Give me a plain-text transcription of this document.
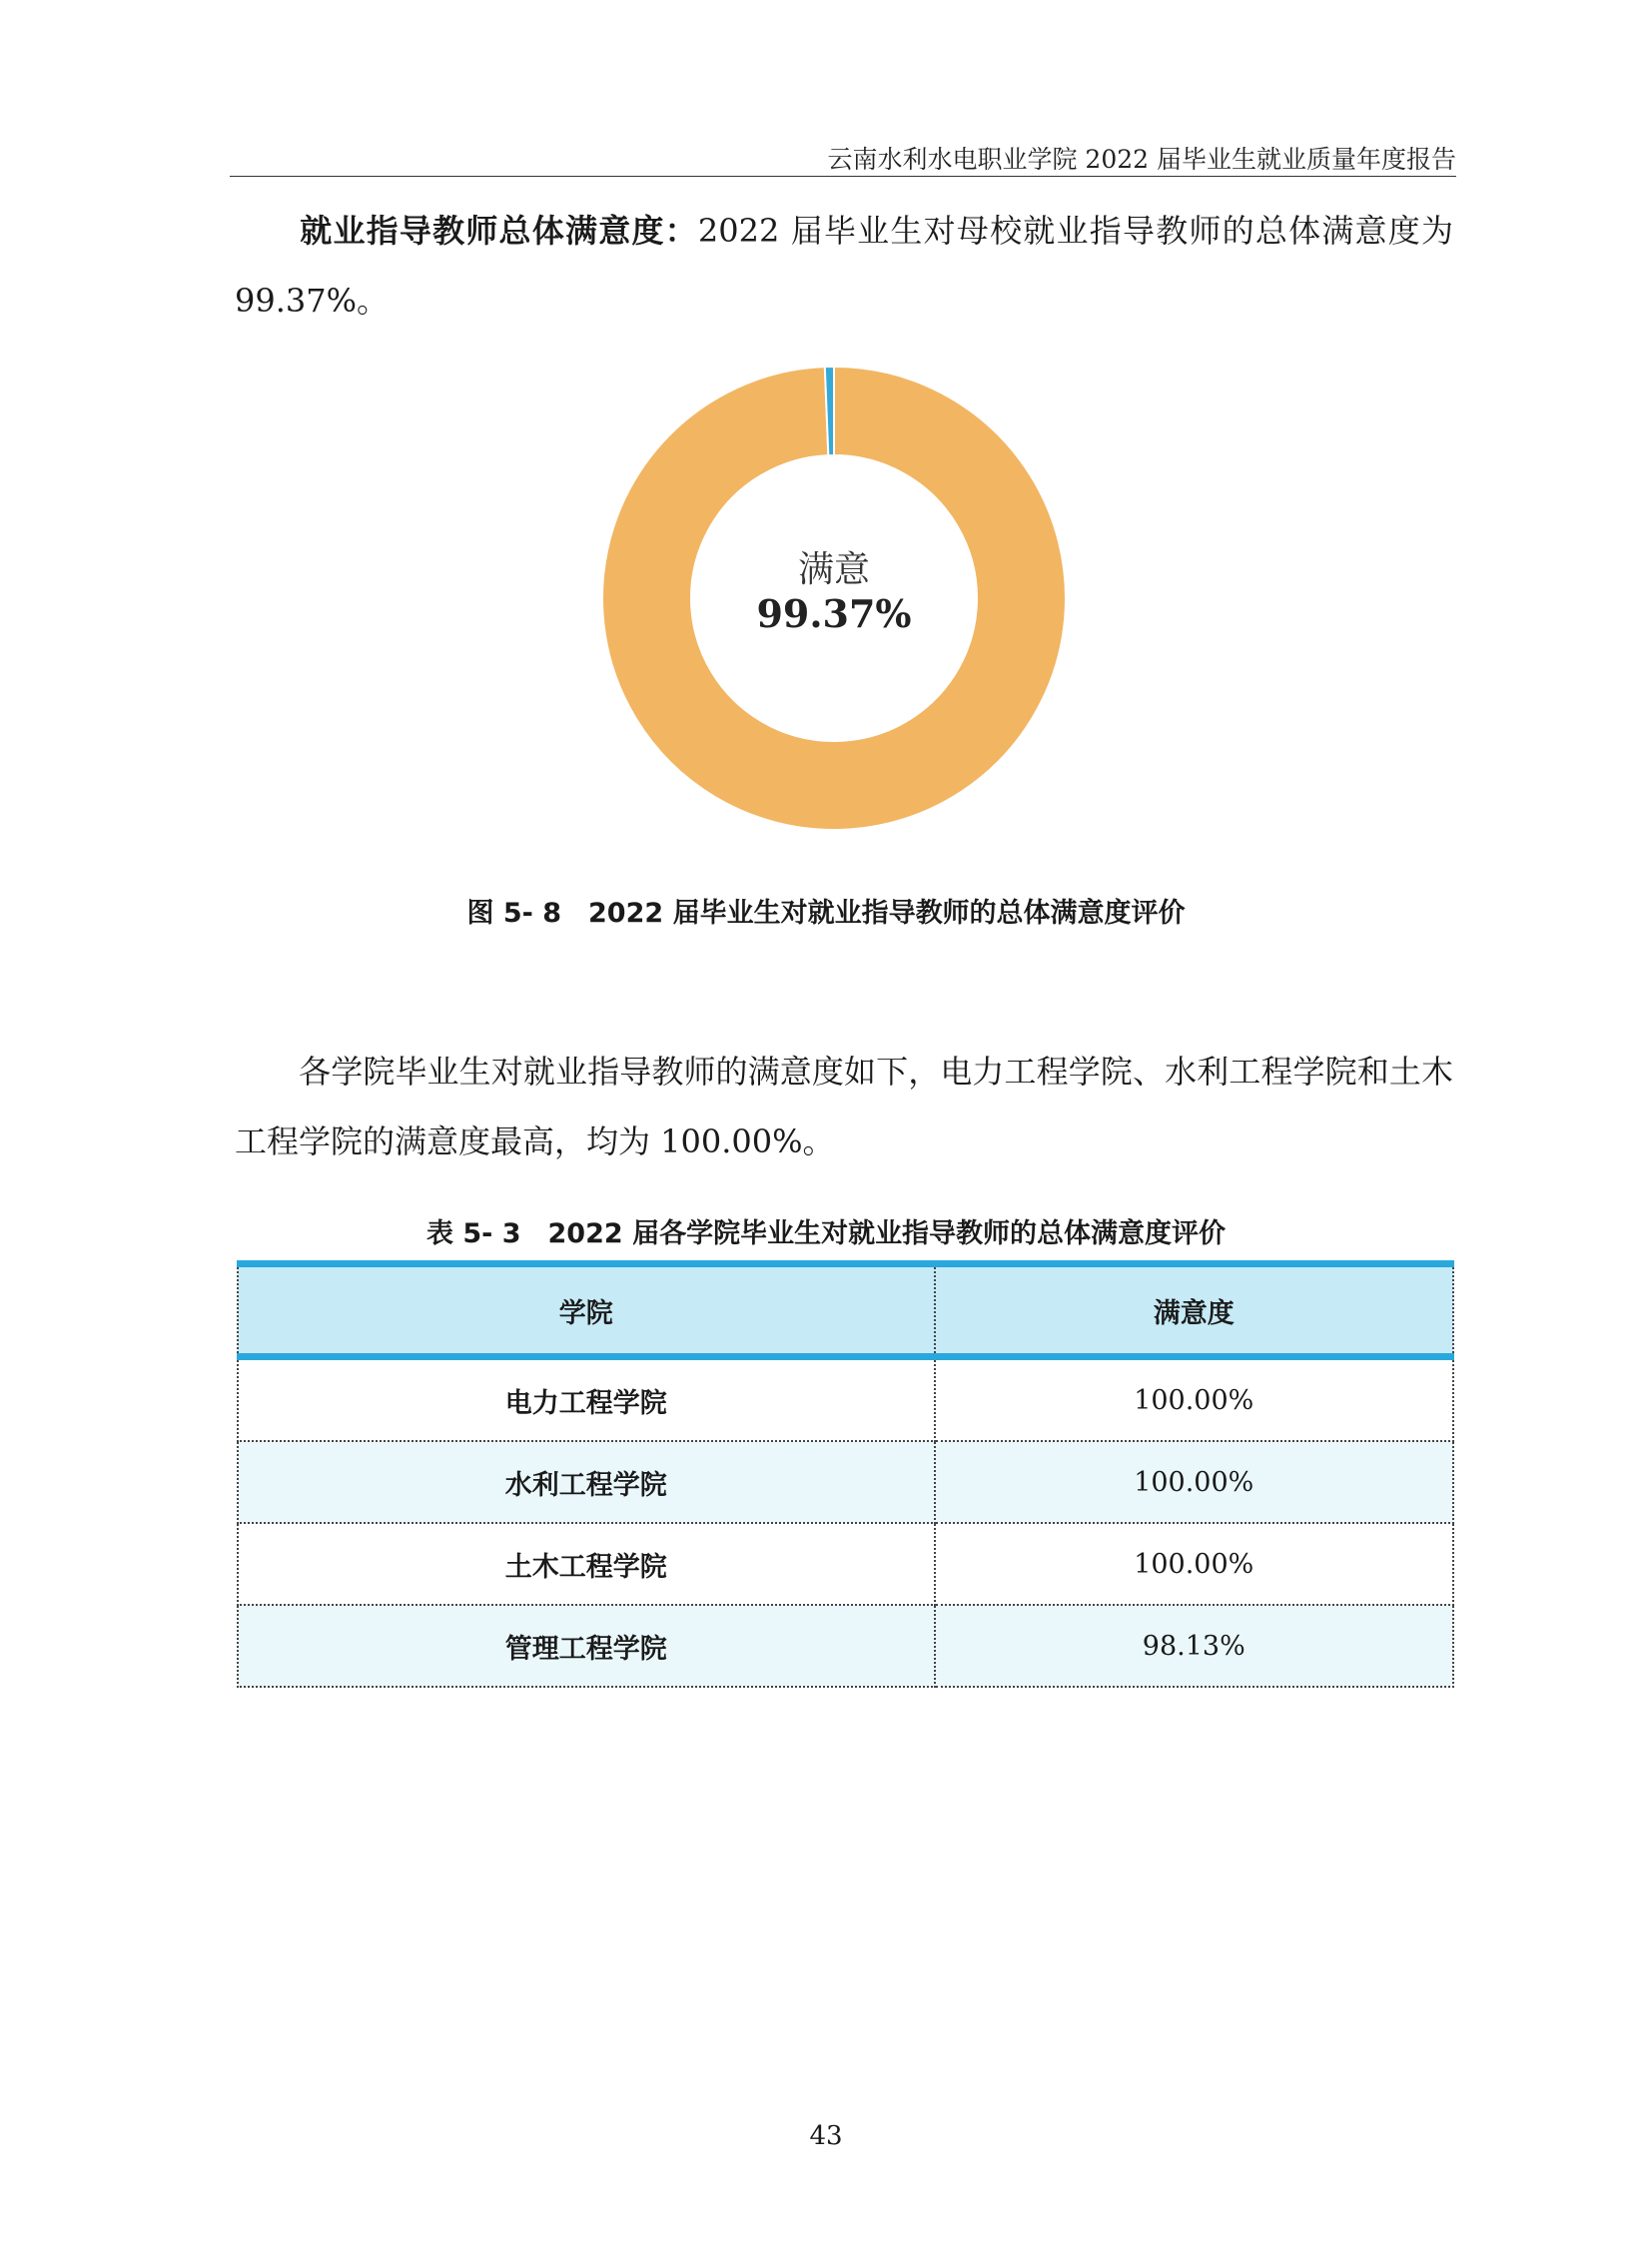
云南水利水电职业学院 2022 届毕业生就业质量年度报告

就业指导教师总体满意度：2022 届毕业生对母校就业指导教师的总体满意度为 99.37%。

满意
99.37%
图 5- 8　2022 届毕业生对就业指导教师的总体满意度评价

各学院毕业生对就业指导教师的满意度如下，电力工程学院、水利工程学院和土木工程学院的满意度最高，均为 100.00%。

表 5- 3　2022 届各学院毕业生对就业指导教师的总体满意度评价
学院	满意度
电力工程学院	100.00%
水利工程学院	100.00%
土木工程学院	100.00%
管理工程学院	98.13%
43
